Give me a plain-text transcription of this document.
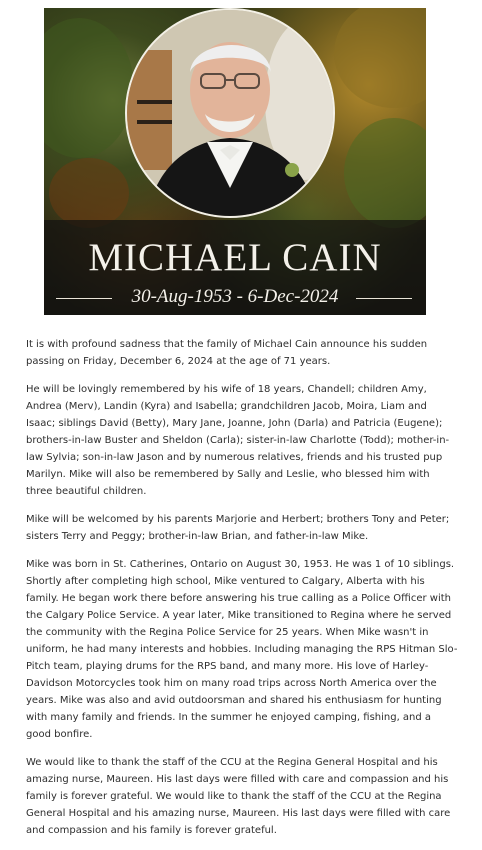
MICHAEL CAIN
30-Aug-1953 - 6-Dec-2024

It is with profound sadness that the family of Michael Cain announce his sudden passing on Friday, December 6, 2024 at the age of 71 years.

He will be lovingly remembered by his wife of 18 years, Chandell; children Amy, Andrea (Merv), Landin (Kyra) and Isabella; grandchildren Jacob, Moira, Liam and Isaac; siblings David (Betty), Mary Jane, Joanne, John (Darla) and Patricia (Eugene); brothers-in-law Buster and Sheldon (Carla); sister-in-law Charlotte (Todd); mother-in-law Sylvia; son-in-law Jason and by numerous relatives, friends and his trusted pup Marilyn. Mike will also be remembered by Sally and Leslie, who blessed him with three beautiful children.

Mike will be welcomed by his parents Marjorie and Herbert; brothers Tony and Peter; sisters Terry and Peggy; brother-in-law Brian, and father-in-law Mike.

Mike was born in St. Catherines, Ontario on August 30, 1953. He was 1 of 10 siblings. Shortly after completing high school, Mike ventured to Calgary, Alberta with his family. He began work there before answering his true calling as a Police Officer with the Calgary Police Service. A year later, Mike transitioned to Regina where he served the community with the Regina Police Service for 25 years. When Mike wasn't in uniform, he had many interests and hobbies. Including managing the RPS Hitman Slo-Pitch team, playing drums for the RPS band, and many more. His love of Harley-Davidson Motorcycles took him on many road trips across North America over the years. Mike was also and avid outdoorsman and shared his enthusiasm for hunting with many family and friends. In the summer he enjoyed camping, fishing, and a good bonfire.

We would like to thank the staff of the CCU at the Regina General Hospital and his amazing nurse, Maureen. His last days were filled with care and compassion and his family is forever grateful. We would like to thank the staff of the CCU at the Regina General Hospital and his amazing nurse, Maureen. His last days were filled with care and compassion and his family is forever grateful.
